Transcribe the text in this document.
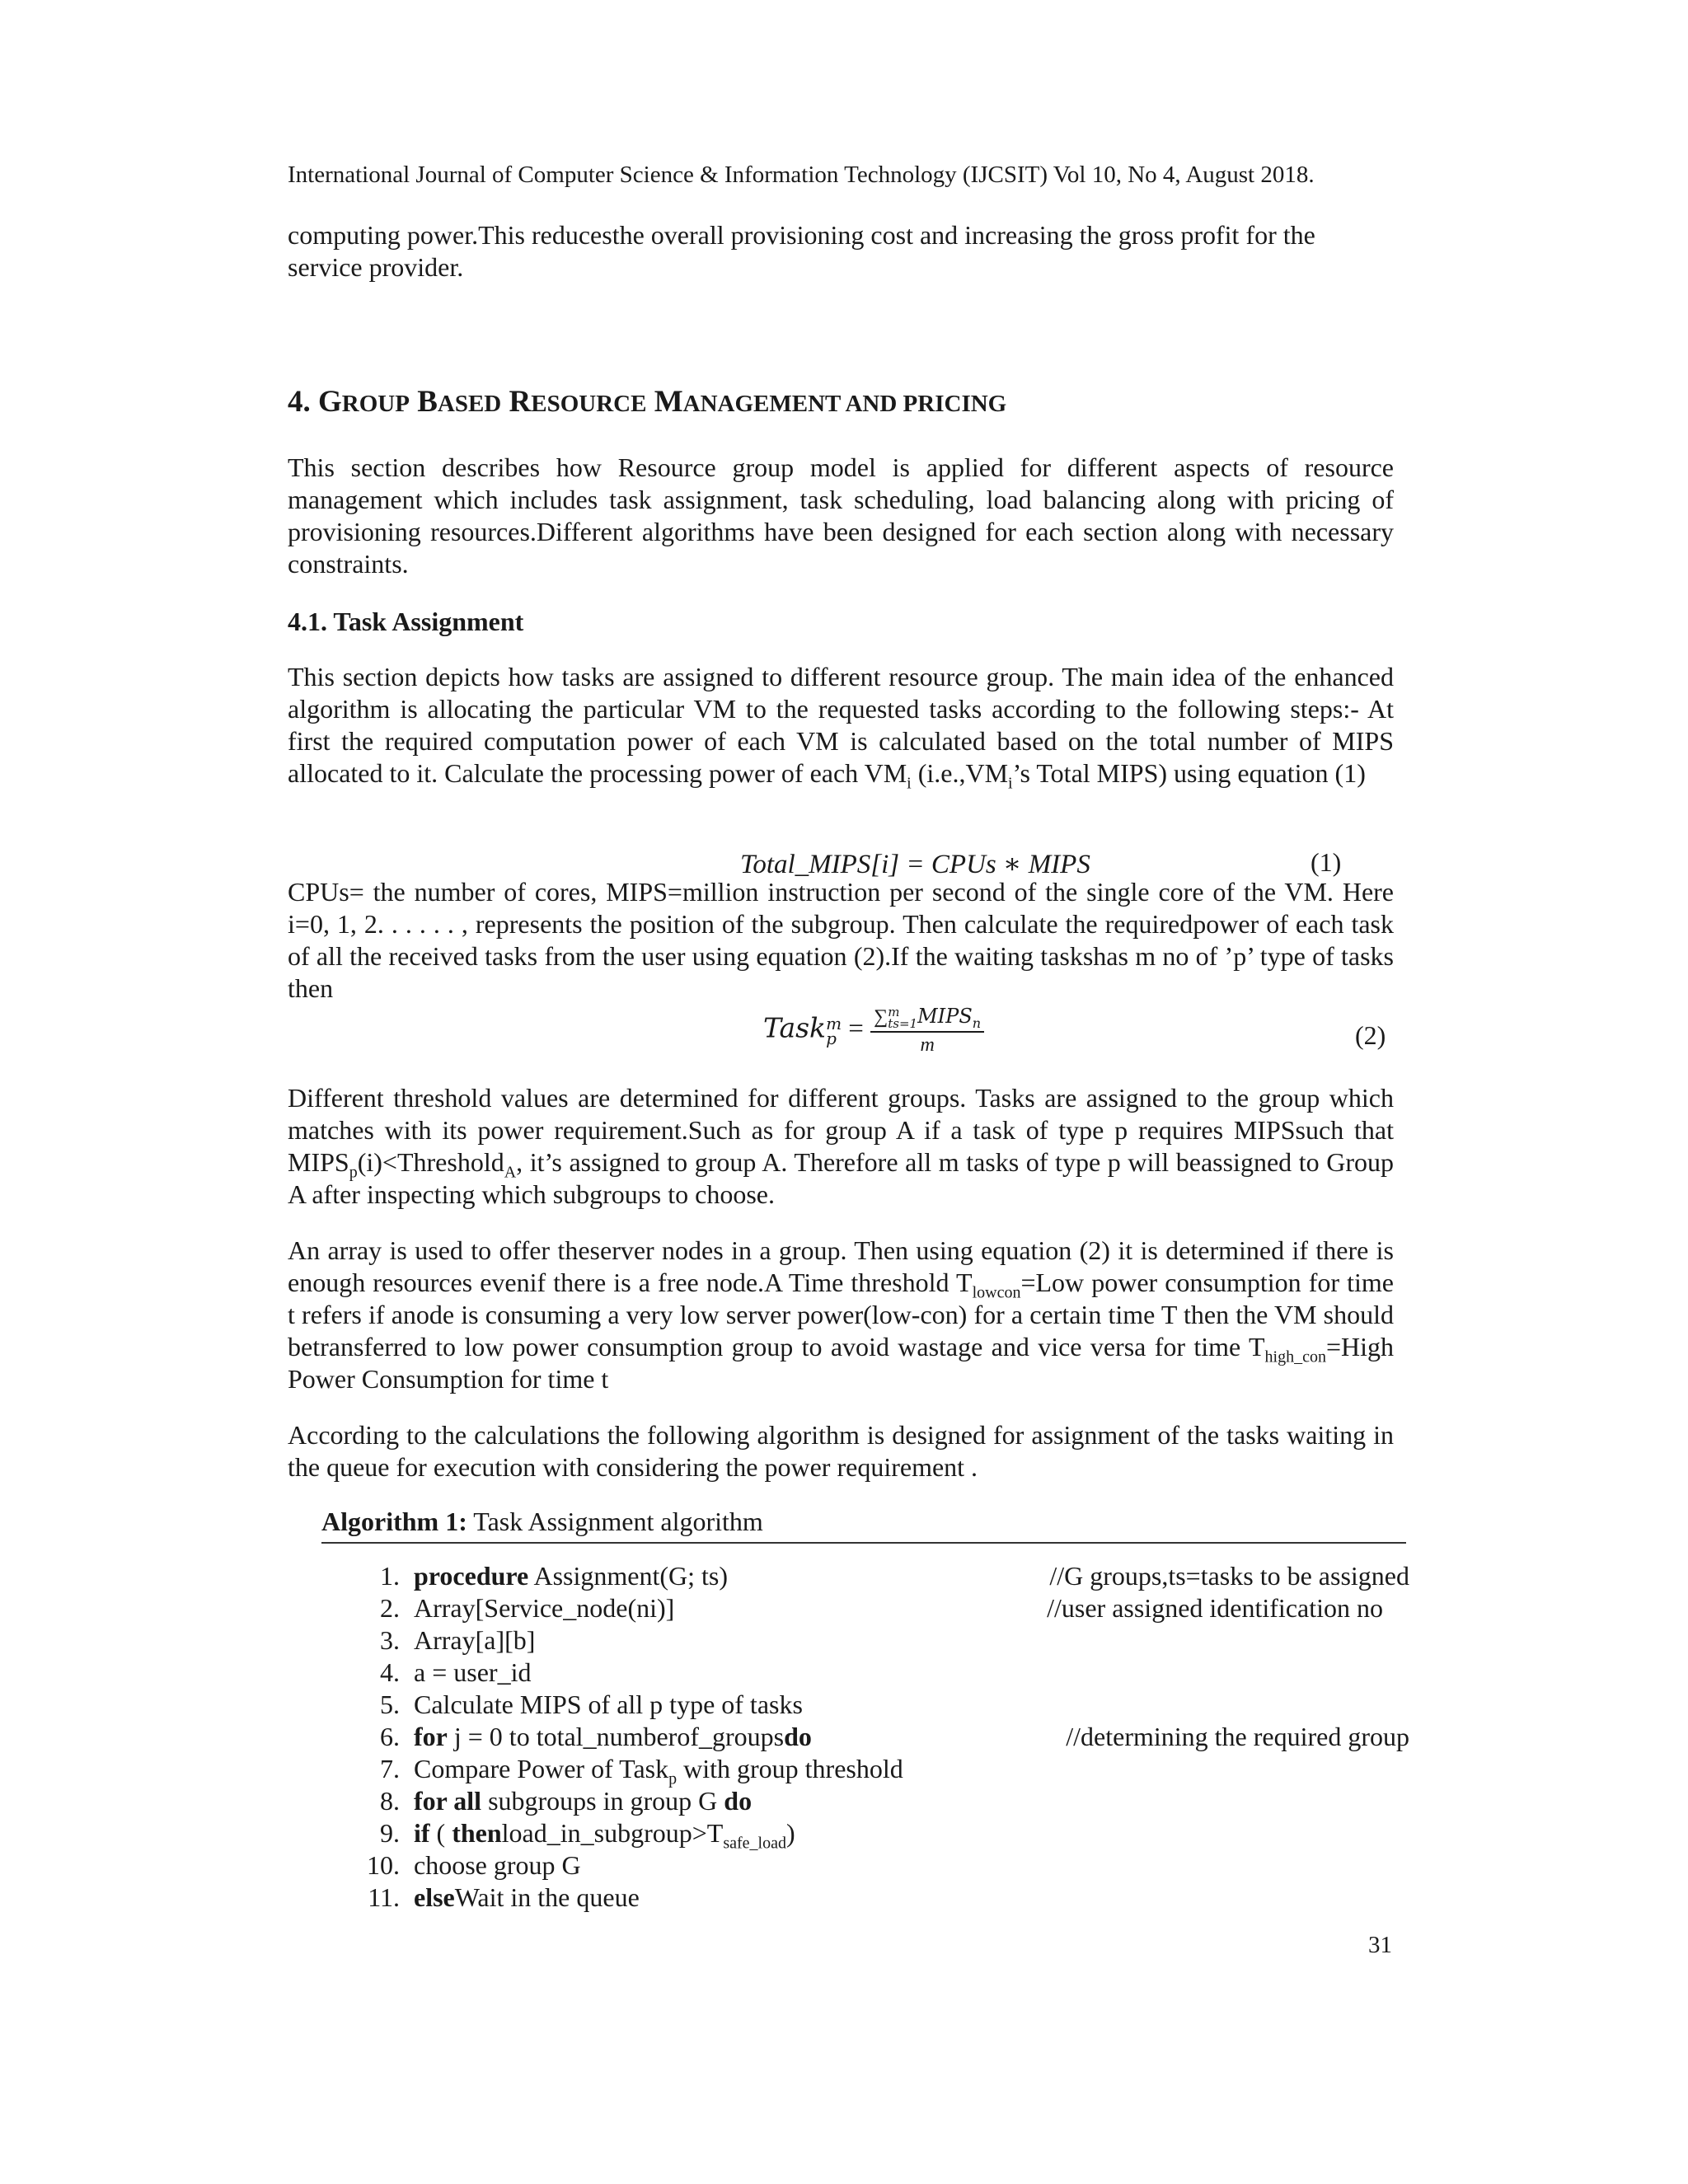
International Journal of Computer Science & Information Technology (IJCSIT) Vol 10, No 4, August 2018.
computing power.This reducesthe overall provisioning cost and increasing the gross profit for the
service provider.
4. GROUP BASED RESOURCE MANAGEMENT AND PRICING
This section describes how Resource group model is applied for different aspects of resource management which includes task assignment, task scheduling, load balancing along with pricing of provisioning resources.Different algorithms have been designed for each section along with necessary constraints.
4.1. Task Assignment
This section depicts how tasks are assigned to different resource group. The main idea of the enhanced algorithm is allocating the particular VM to the requested tasks according to the following steps:- At first the required computation power of each VM is calculated based on the total number of MIPS allocated to it. Calculate the processing power of each $VM_i$ ($i.e.,VM_i’s$ Total MIPS) using equation (1)
Total_MIPS[i] = CPUs ∗ MIPS	(1)
CPUs= the number of cores, MIPS=million instruction per second of the single core of the VM. Here i=0, 1, 2. . . . . . , represents the position of the subgroup. Then calculate the requiredpower of each task of all the received tasks from the user using equation (2).If the waiting taskshas m no of ’p’ type of tasks then
Task m
p = ∑ m
ts=1 $MIPS_n$
m	(2)
Different threshold values are determined for different groups. Tasks are assigned to the group which matches with its power requirement.Such as for group A if a task of type p requires MIPSsuch that $MIPS_p(i)<Threshold_A$, it’s assigned to group A. Therefore all m tasks of type p will beassigned to Group A after inspecting which subgroups to choose.
An array is used to offer theserver nodes in a group. Then using equation (2) it is determined if there is enough resources evenif there is a free node.A Time threshold $T_{lowcon}=Low$ power consumption for time t refers if anode is consuming a very low server power(low-con) for a certain time T then the VM should betransferred to low power consumption group to avoid wastage and vice versa for time $T_{high\_con}=High$ Power Consumption for time t
According to the calculations the following algorithm is designed for assignment of the tasks waiting in the queue for execution with considering the power requirement .
Algorithm 1: Task Assignment algorithm
1. procedure Assignment(G; ts)	//G groups,ts=tasks to be assigned
2. Array[Service_node(ni)]	//user assigned identification no
3. Array[a][b]
4. a = user_id
5. Calculate MIPS of all p type of tasks
6. for j = 0 to total_numberof_groupsdo	//determining the required group
7. Compare Power of Task$_p$ with group threshold
8. for all subgroups in group G do
9. if ( $thenload\_in\_subgroup>T_{safe\_load}$)
10. choose group G
11. elseWait in the queue
31
